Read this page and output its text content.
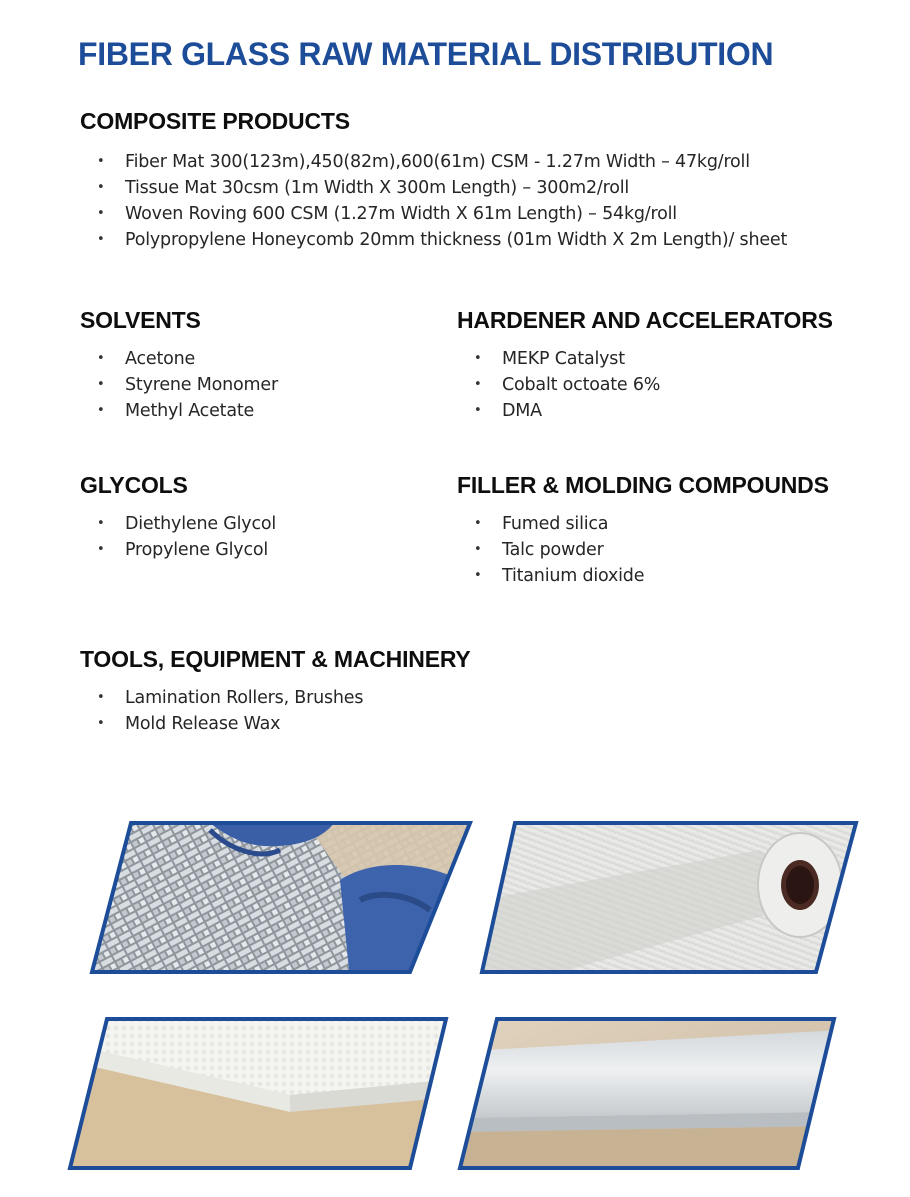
FIBER GLASS RAW MATERIAL DISTRIBUTION
COMPOSITE PRODUCTS
• Fiber Mat 300(123m),450(82m),600(61m) CSM - 1.27m Width – 47kg/roll
• Tissue Mat 30csm (1m Width X 300m Length) – 300m2/roll
• Woven Roving 600 CSM (1.27m Width X 61m Length) – 54kg/roll
• Polypropylene Honeycomb 20mm thickness (01m Width X 2m Length)/ sheet
SOLVENTS
• Acetone
• Styrene Monomer
• Methyl Acetate
HARDENER AND ACCELERATORS
• MEKP Catalyst
• Cobalt octoate 6%
• DMA
GLYCOLS
• Diethylene Glycol
• Propylene Glycol
FILLER & MOLDING COMPOUNDS
• Fumed silica
• Talc powder
• Titanium dioxide
TOOLS, EQUIPMENT & MACHINERY
• Lamination Rollers, Brushes
• Mold Release Wax
